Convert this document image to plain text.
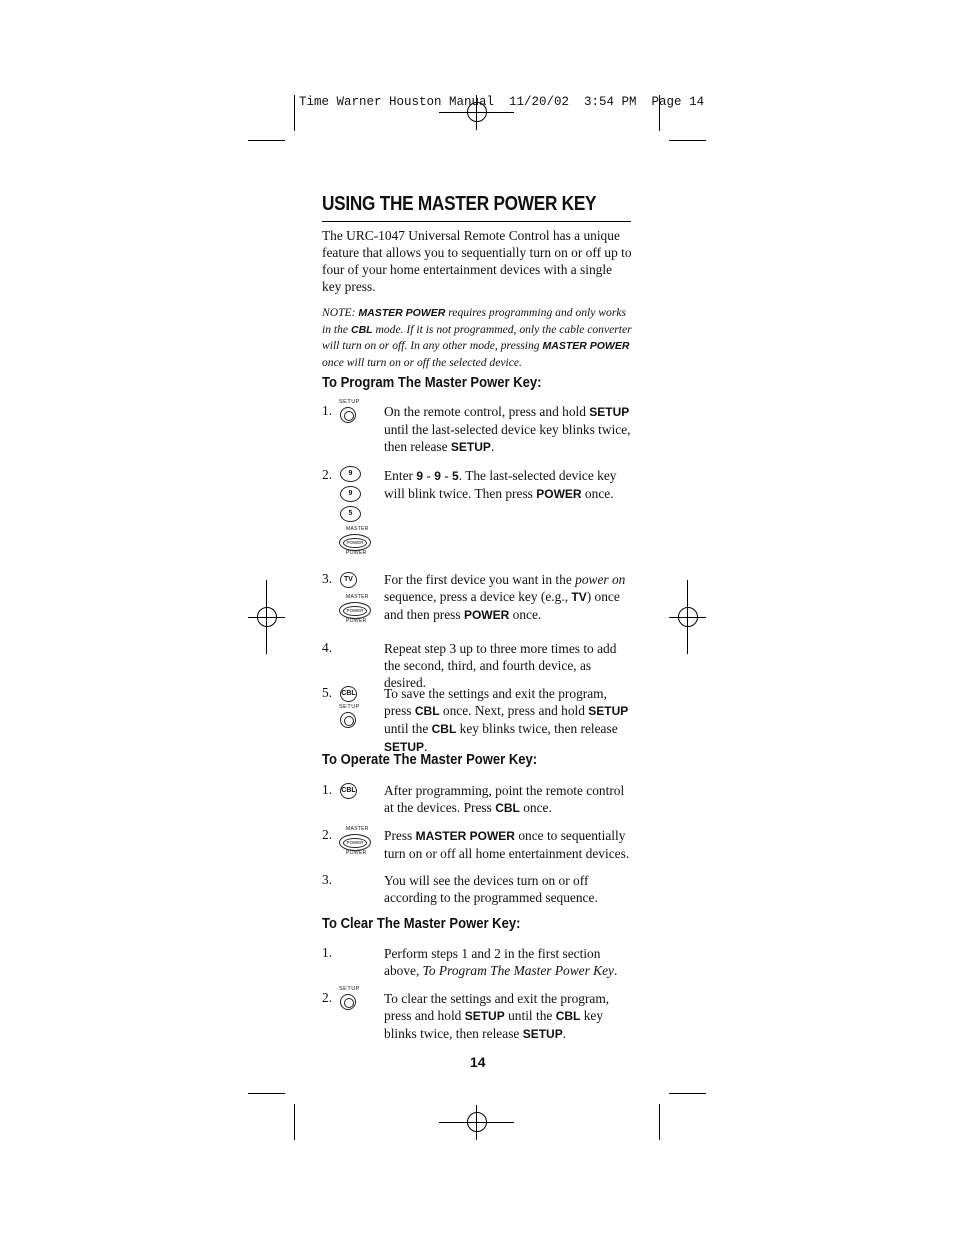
Time Warner Houston Manual  11/20/02  3:54 PM  Page 14
USING THE MASTER POWER KEY
The URC-1047 Universal Remote Control has a unique feature that allows you to sequentially turn on or off up to four of your home entertainment devices with a single key press.
NOTE: MASTER POWER requires programming and only works in the CBL mode. If it is not programmed, only the cable converter will turn on or off. In any other mode, pressing MASTER POWER once will turn on or off the selected device.
To Program The Master Power Key:
1.
SETUP
On the remote control, press and hold SETUP until the last-selected device key blinks twice, then release SETUP.
2.	9
9
5
MASTER
POWER
POWER
Enter 9 - 9 - 5. The last-selected device key will blink twice. Then press POWER once.
3.	TV
MASTER
POWER
POWER
For the first device you want in the power on sequence, press a device key (e.g., TV) once and then press POWER once.
4.	Repeat step 3 up to three more times to add the second, third, and fourth device, as desired.
5. CBL
SETUP
To save the settings and exit the program, press CBL once. Next, press and hold SETUP until the CBL key blinks twice, then release SETUP.
To Operate The Master Power Key:
1. CBL After programming, point the remote control at the devices. Press CBL once.
2.	MASTER
POWER
POWER
Press MASTER POWER once to sequentially turn on or off all home entertainment devices.
3.	You will see the devices turn on or off according to the programmed sequence.
To Clear The Master Power Key:
1.	Perform steps 1 and 2 in the first section above, To Program The Master Power Key.
2.
SETUP
To clear the settings and exit the program, press and hold SETUP until the CBL key blinks twice, then release SETUP.
14
